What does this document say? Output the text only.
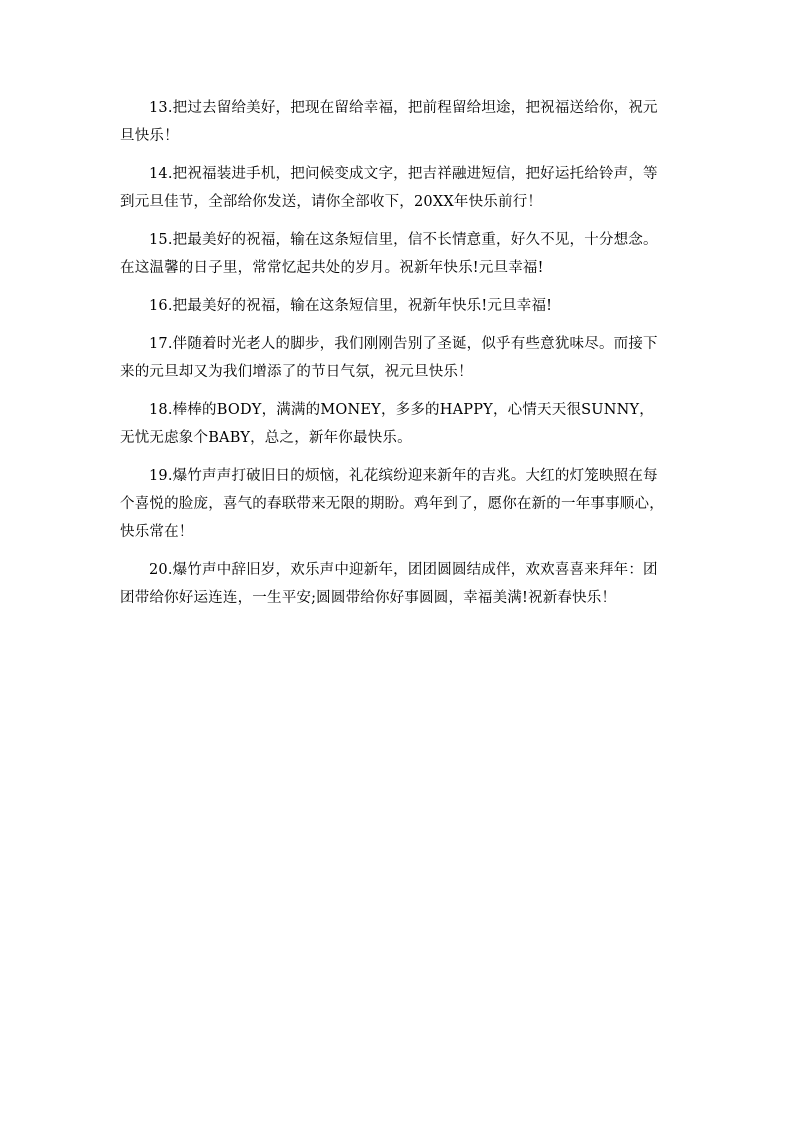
13.把过去留给美好，把现在留给幸福，把前程留给坦途，把祝福送给你，祝元旦快乐！

14.把祝福装进手机，把问候变成文字，把吉祥融进短信，把好运托给铃声，等到元旦佳节，全部给你发送，请你全部收下，20XX年快乐前行！

15.把最美好的祝福，输在这条短信里，信不长情意重，好久不见，十分想念。在这温馨的日子里，常常忆起共处的岁月。祝新年快乐!元旦幸福!

16.把最美好的祝福，输在这条短信里，祝新年快乐!元旦幸福!

17.伴随着时光老人的脚步，我们刚刚告别了圣诞，似乎有些意犹味尽。而接下来的元旦却又为我们增添了的节日气氛，祝元旦快乐！

18.棒棒的BODY，满满的MONEY，多多的HAPPY，心情天天很SUNNY，无忧无虑象个BABY，总之，新年你最快乐。

19.爆竹声声打破旧日的烦恼，礼花缤纷迎来新年的吉兆。大红的灯笼映照在每个喜悦的脸庞，喜气的春联带来无限的期盼。鸡年到了，愿你在新的一年事事顺心，快乐常在！

20.爆竹声中辞旧岁，欢乐声中迎新年，团团圆圆结成伴，欢欢喜喜来拜年：团团带给你好运连连，一生平安;圆圆带给你好事圆圆，幸福美满!祝新春快乐！
